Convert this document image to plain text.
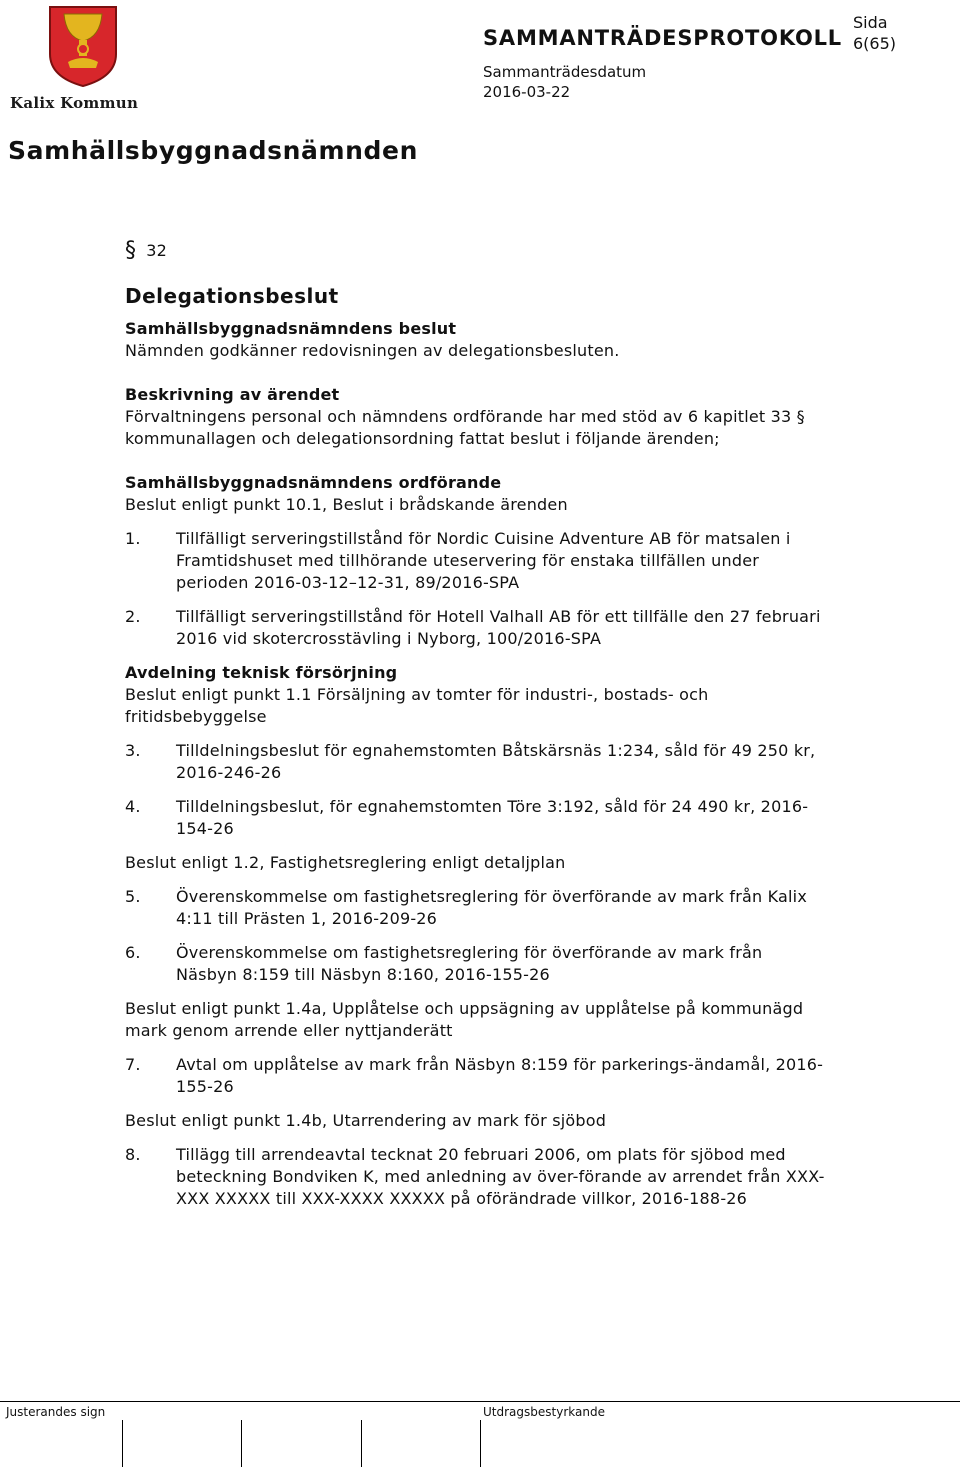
Kalix Kommun
SAMMANTRÄDESPROTOKOLL
Sida
6(65)
Sammanträdesdatum
2016-03-22
Samhällsbyggnadsnämnden
§ 32
Delegationsbeslut

Samhällsbyggnadsnämndens beslut

Nämnden godkänner redovisningen av delegationsbesluten.

Beskrivning av ärendet

Förvaltningens personal och nämndens ordförande har med stöd av 6 kapitlet 33 § kommunallagen och delegationsordning fattat beslut i följande ärenden;

Samhällsbyggnadsnämndens ordförande

Beslut enligt punkt 10.1, Beslut i brådskande ärenden

1.	Tillfälligt serveringstillstånd för Nordic Cuisine Adventure AB för matsalen i Framtidshuset med tillhörande uteservering för enstaka tillfällen under perioden 2016-03-12–12-31, 89/2016-SPA
2.	Tillfälligt serveringstillstånd för Hotell Valhall AB för ett tillfälle den 27 februari 2016 vid skotercrosstävling i Nyborg, 100/2016-SPA

Avdelning teknisk försörjning

Beslut enligt punkt 1.1 Försäljning av tomter för industri-, bostads- och fritidsbebyggelse

3.	Tilldelningsbeslut för egnahemstomten Båtskärsnäs 1:234, såld för 49 250 kr, 2016-246-26
4.	Tilldelningsbeslut, för egnahemstomten Töre 3:192, såld för 24 490 kr, 2016-154-26

Beslut enligt 1.2, Fastighetsreglering enligt detaljplan

5.	Överenskommelse om fastighetsreglering för överförande av mark från Kalix 4:11 till Prästen 1, 2016-209-26
6.	Överenskommelse om fastighetsreglering för överförande av mark från Näsbyn 8:159 till Näsbyn 8:160, 2016-155-26

Beslut enligt punkt 1.4a, Upplåtelse och uppsägning av upplåtelse på kommunägd mark genom arrende eller nyttjanderätt

7.	Avtal om upplåtelse av mark från Näsbyn 8:159 för parkerings-ändamål, 2016-155-26

Beslut enligt punkt 1.4b, Utarrendering av mark för sjöbod

8.	Tillägg till arrendeavtal tecknat 20 februari 2006, om plats för sjöbod med beteckning Bondviken K, med anledning av över-förande av arrendet från XXX-XXX XXXXX till XXX-XXXX XXXXX på oförändrade villkor, 2016-188-26
Justerandes sign	Utdragsbestyrkande
